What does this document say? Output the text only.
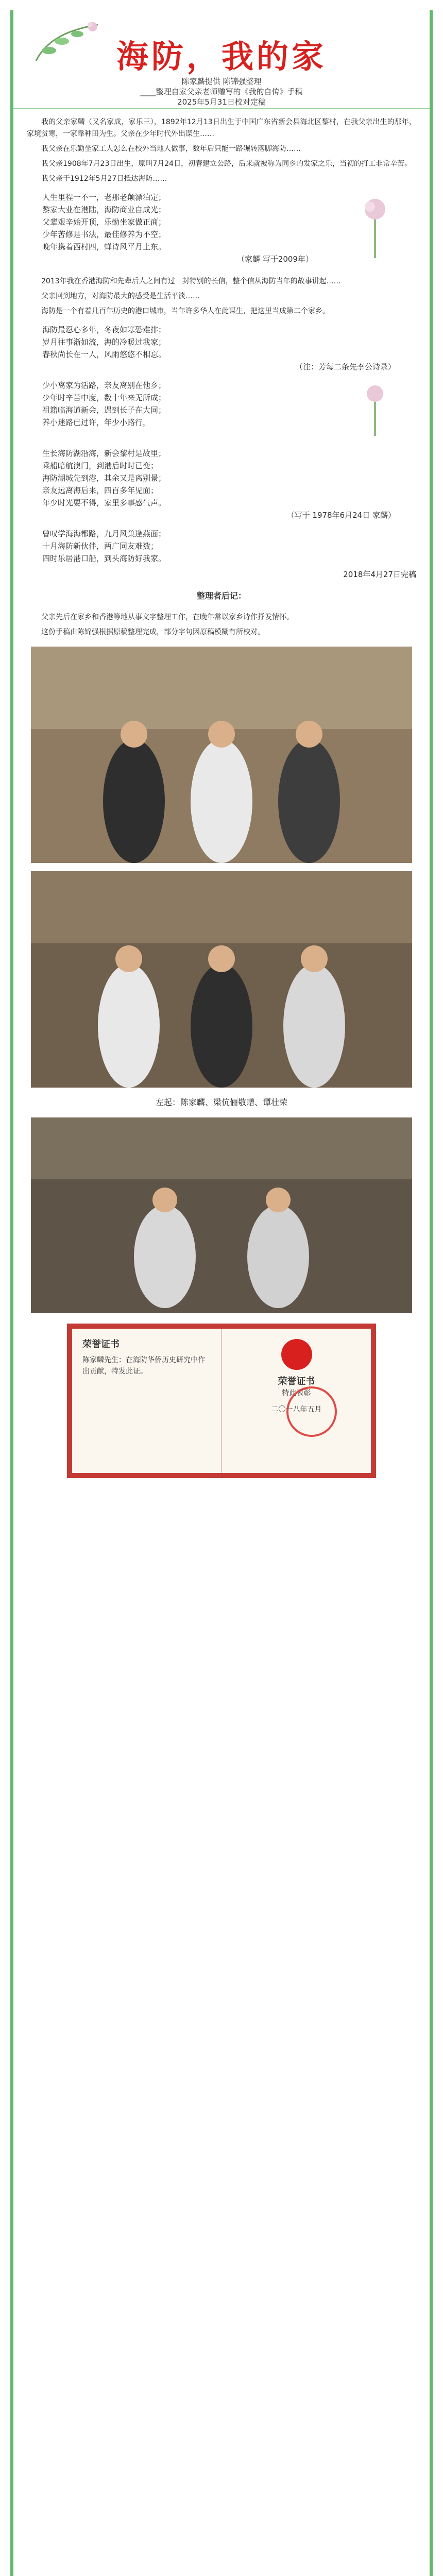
海防，我的家
陈家麟提供 陈锦强整理
____整理自家父亲老师赠写的《我的自传》手稿
2025年5月31日校对定稿

我的父亲家麟（又名家成，家乐三），1892年12月13日出生于中国广东省新会县海北区黎村，在我父亲出生的那年，家境贫寒，一家靠种田为生。父亲在少年时代外出谋生……

我父亲在乐勤坐家工人怎么在校外当地人做事，数年后只能一路辗转落脚海防……

我父亲1908年7月23日出生，原叫7月24日，初春建立公路，后来就被称为同乡的发家之乐，当初的打工非常辛苦。

我父亲于1912年5月27日抵达海防……

人生里程一不一，老那老颠漂泊定；
黎家大业在港陆，海防商业自成光；
父辈艰辛始开顶，乐勤坐家做正商；
少年苦修是书法，最佳修养为不空；
晚年携着西村四，蝉诗风平月上东。
（家麟 写于2009年）

2013年我在香港海防和先辈后人之间有过一封特别的长信，整个信从海防当年的故事讲起……

父亲回到地方，对海防最大的感受是生活平淡……

海防是一个有着几百年历史的港口城市，当年许多华人在此谋生，把这里当成第二个家乡。

海防最忍心多年，冬夜如寒恐难排；
岁月往事渐如流，海的冷暖过我家；
春秋尚长在一人，风雨悠悠不相忘。
（注：芳每二条先李公诗录）
少小离家为活路，亲友离别在他乡；
少年时辛苦中度，数十年来无所成；
祖籍临海道新会，遇到长子在大同；
养小迷路已过许，年少小路行，
生长海防湖沿海，新会黎村是故里；
乘船暗航澳门，到港后时时已变；
海防湖城先到港，其余又是离别景；
亲友远离海后来，四百多年见面；
年少时光要不得，家里多事感气声。
（写于 1978年6月24日 家麟）
曾叹学海海都路，九月风巢逢燕面；
十月海防新伙伴，两广同友难数；
四时乐居港口船，到头海防好我家。
2018年4月27日完稿
整理者后记：

父亲先后在家乡和香港等地从事文字整理工作，在晚年常以家乡诗作抒发情怀。

这份手稿由陈锦强根据原稿整理完成，部分字句因原稿模糊有所校对。

左起：陈家麟、梁伉俪敬赠、谭壮荣
荣誉证书
陈家麟先生：在海防华侨历史研究中作出贡献，特发此证。
荣誉证书
特此表彰
二〇一八年五月
